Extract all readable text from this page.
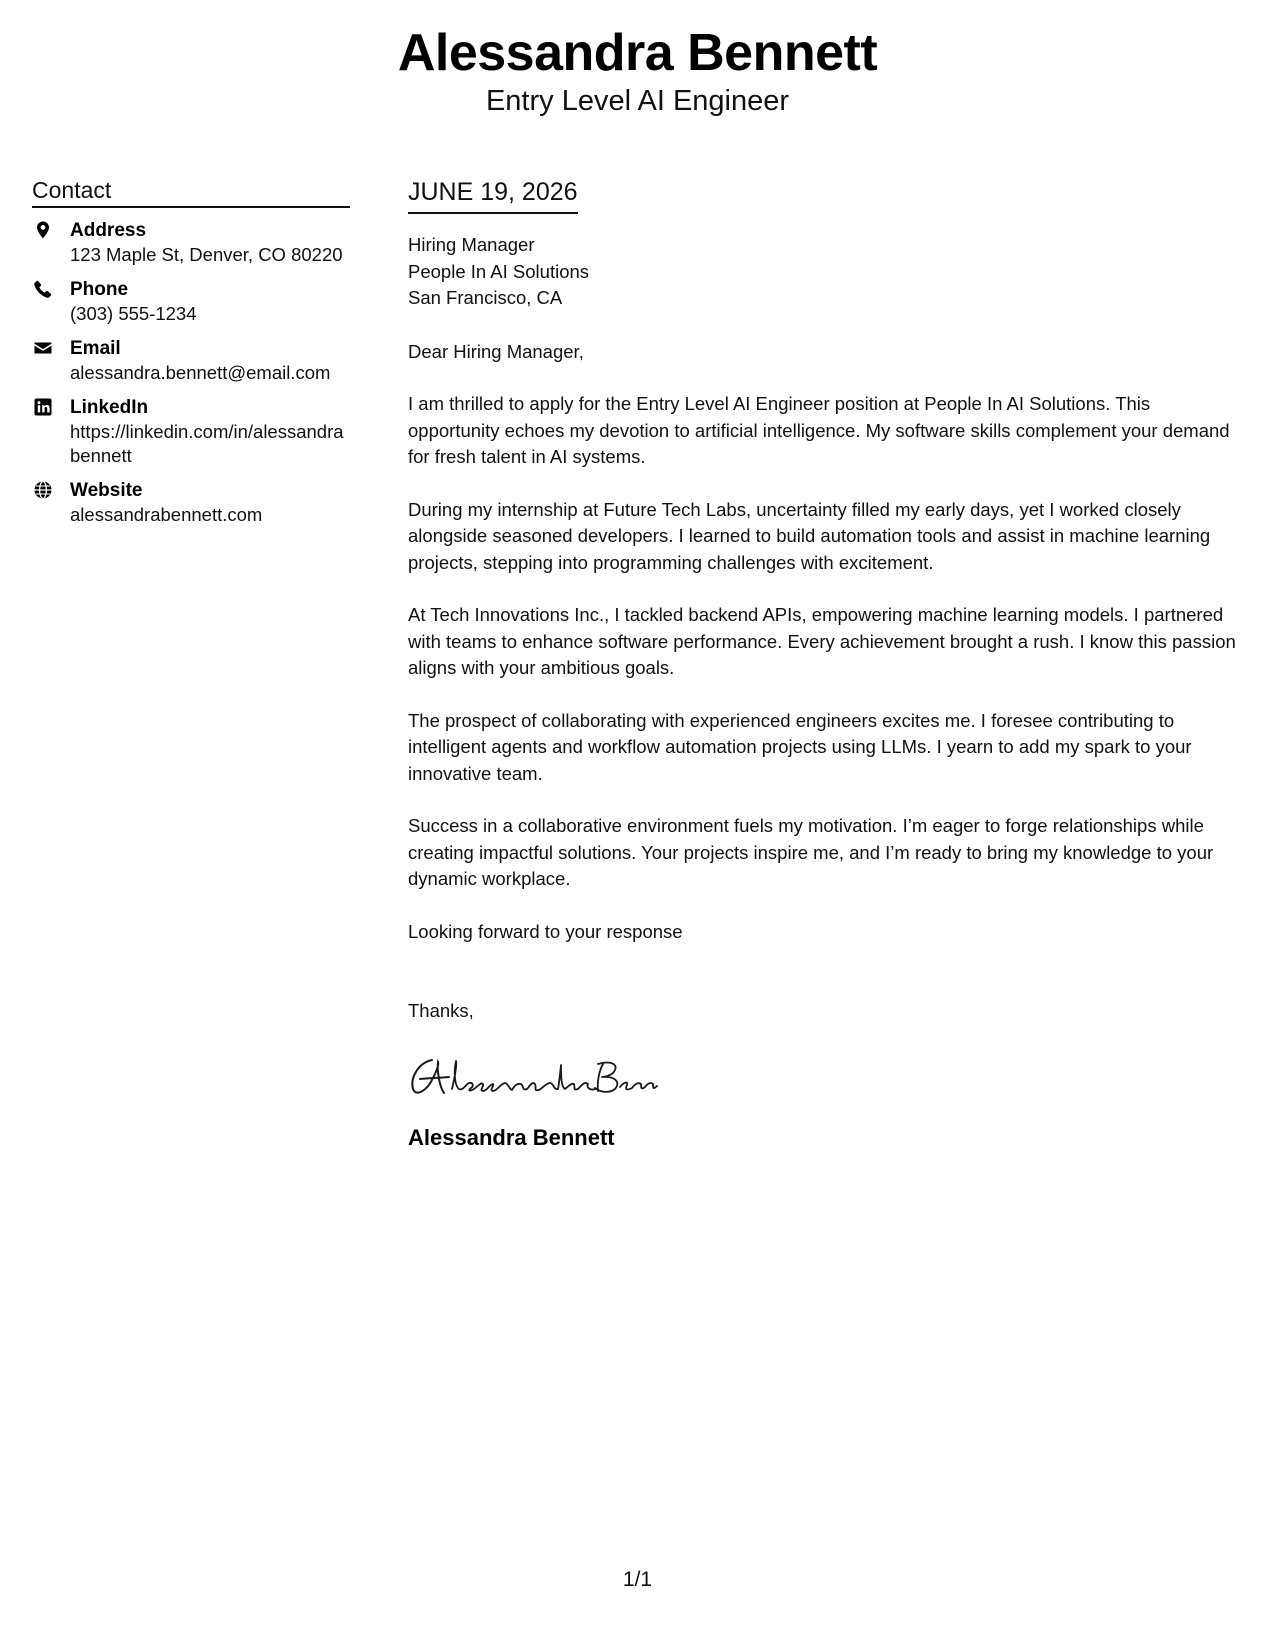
Alessandra Bennett
Entry Level AI Engineer
Contact
Address
123 Maple St, Denver, CO 80220
Phone
(303) 555-1234
Email
alessandra.bennett@email.com
LinkedIn
https://linkedin.com/in/alessandrabennett
Website
alessandrabennett.com
JUNE 19, 2026
Hiring Manager
People In AI Solutions
San Francisco, CA

Dear Hiring Manager,

I am thrilled to apply for the Entry Level AI Engineer position at People In AI Solutions. This opportunity echoes my devotion to artificial intelligence. My software skills complement your demand for fresh talent in AI systems.

During my internship at Future Tech Labs, uncertainty filled my early days, yet I worked closely alongside seasoned developers. I learned to build automation tools and assist in machine learning projects, stepping into programming challenges with excitement.

At Tech Innovations Inc., I tackled backend APIs, empowering machine learning models. I partnered with teams to enhance software performance. Every achievement brought a rush. I know this passion aligns with your ambitious goals.

The prospect of collaborating with experienced engineers excites me. I foresee contributing to intelligent agents and workflow automation projects using LLMs. I yearn to add my spark to your innovative team.

Success in a collaborative environment fuels my motivation. I’m eager to forge relationships while creating impactful solutions. Your projects inspire me, and I’m ready to bring my knowledge to your dynamic workplace.

Looking forward to your response

Thanks,

Alessandra Bennett
1/1
